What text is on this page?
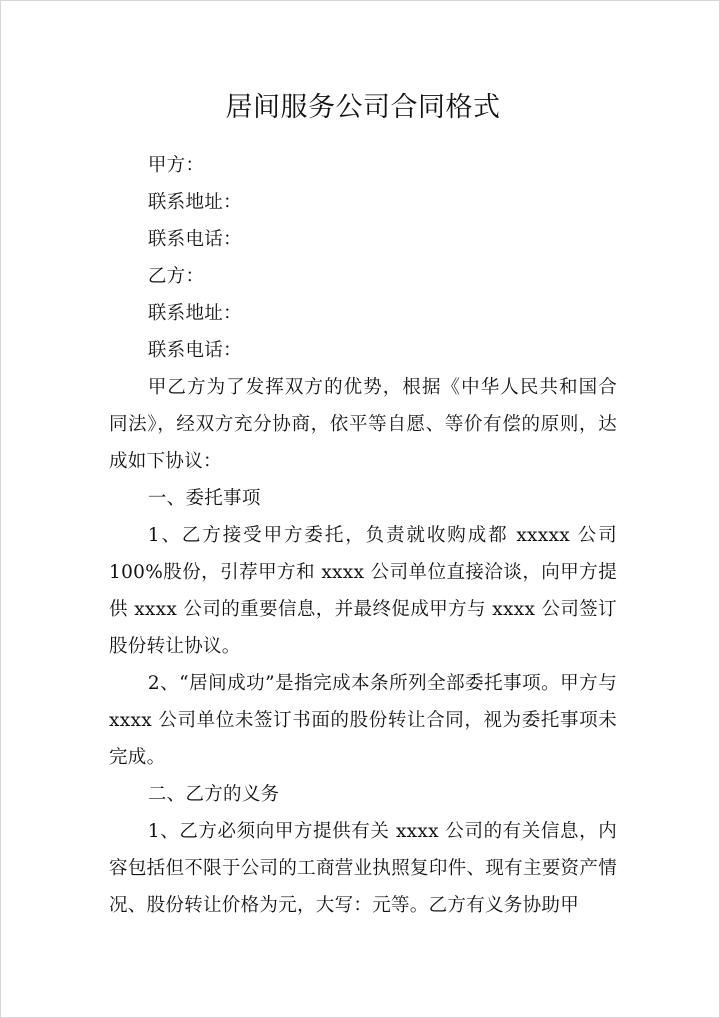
居间服务公司合同格式

甲方：

联系地址：

联系电话：

乙方：

联系地址：

联系电话：

甲乙方为了发挥双方的优势，根据《中华人民共和国合同法》，经双方充分协商，依平等自愿、等价有偿的原则，达成如下协议：

一、委托事项

1、乙方接受甲方委托，负责就收购成都 xxxxx 公司 100%股份，引荐甲方和 xxxx 公司单位直接洽谈，向甲方提供 xxxx 公司的重要信息，并最终促成甲方与 xxxx 公司签订股份转让协议。

2、“居间成功”是指完成本条所列全部委托事项。甲方与 xxxx 公司单位未签订书面的股份转让合同，视为委托事项未完成。

二、乙方的义务

1、乙方必须向甲方提供有关 xxxx 公司的有关信息，内容包括但不限于公司的工商营业执照复印件、现有主要资产情况、股份转让价格为元，大写：元等。乙方有义务协助甲
